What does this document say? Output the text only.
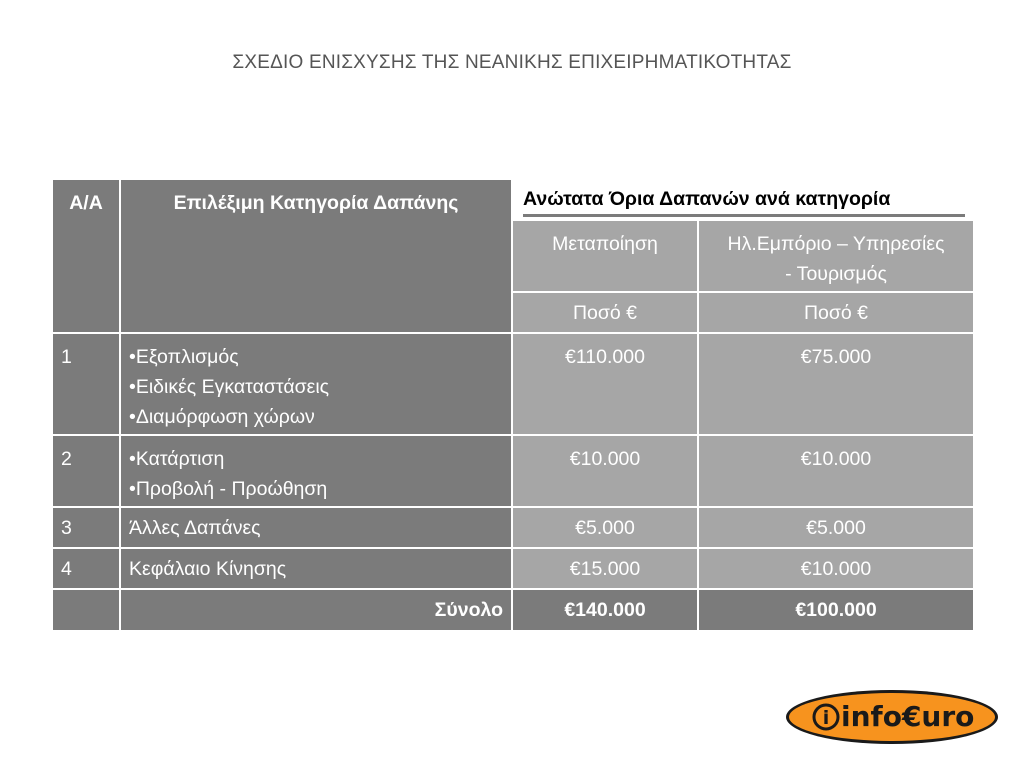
ΣΧΕΔΙΟ ΕΝΙΣΧΥΣΗΣ ΤΗΣ ΝΕΑΝΙΚΗΣ ΕΠΙΧΕΙΡΗΜΑΤΙΚΟΤΗΤΑΣ
Α/Α	Επιλέξιμη Κατηγορία Δαπάνης	Ανώτατα Όρια Δαπανών ανά κατηγορία	

		Μεταποίηση	Ηλ.Εμπόριο – Υπηρεσίες
- Τουρισμός

		Ποσό €	Ποσό €
1	•Εξοπλισμός
•Ειδικές Εγκαταστάσεις
•Διαμόρφωση χώρων	€110.000	€75.000
2	•Κατάρτιση
•Προβολή - Προώθηση	€10.000	€10.000
3	Άλλες Δαπάνες	€5.000	€5.000
4	Κεφάλαιο Κίνησης	€15.000	€10.000
	Σύνολο	€140.000	€100.000
i info€uro
